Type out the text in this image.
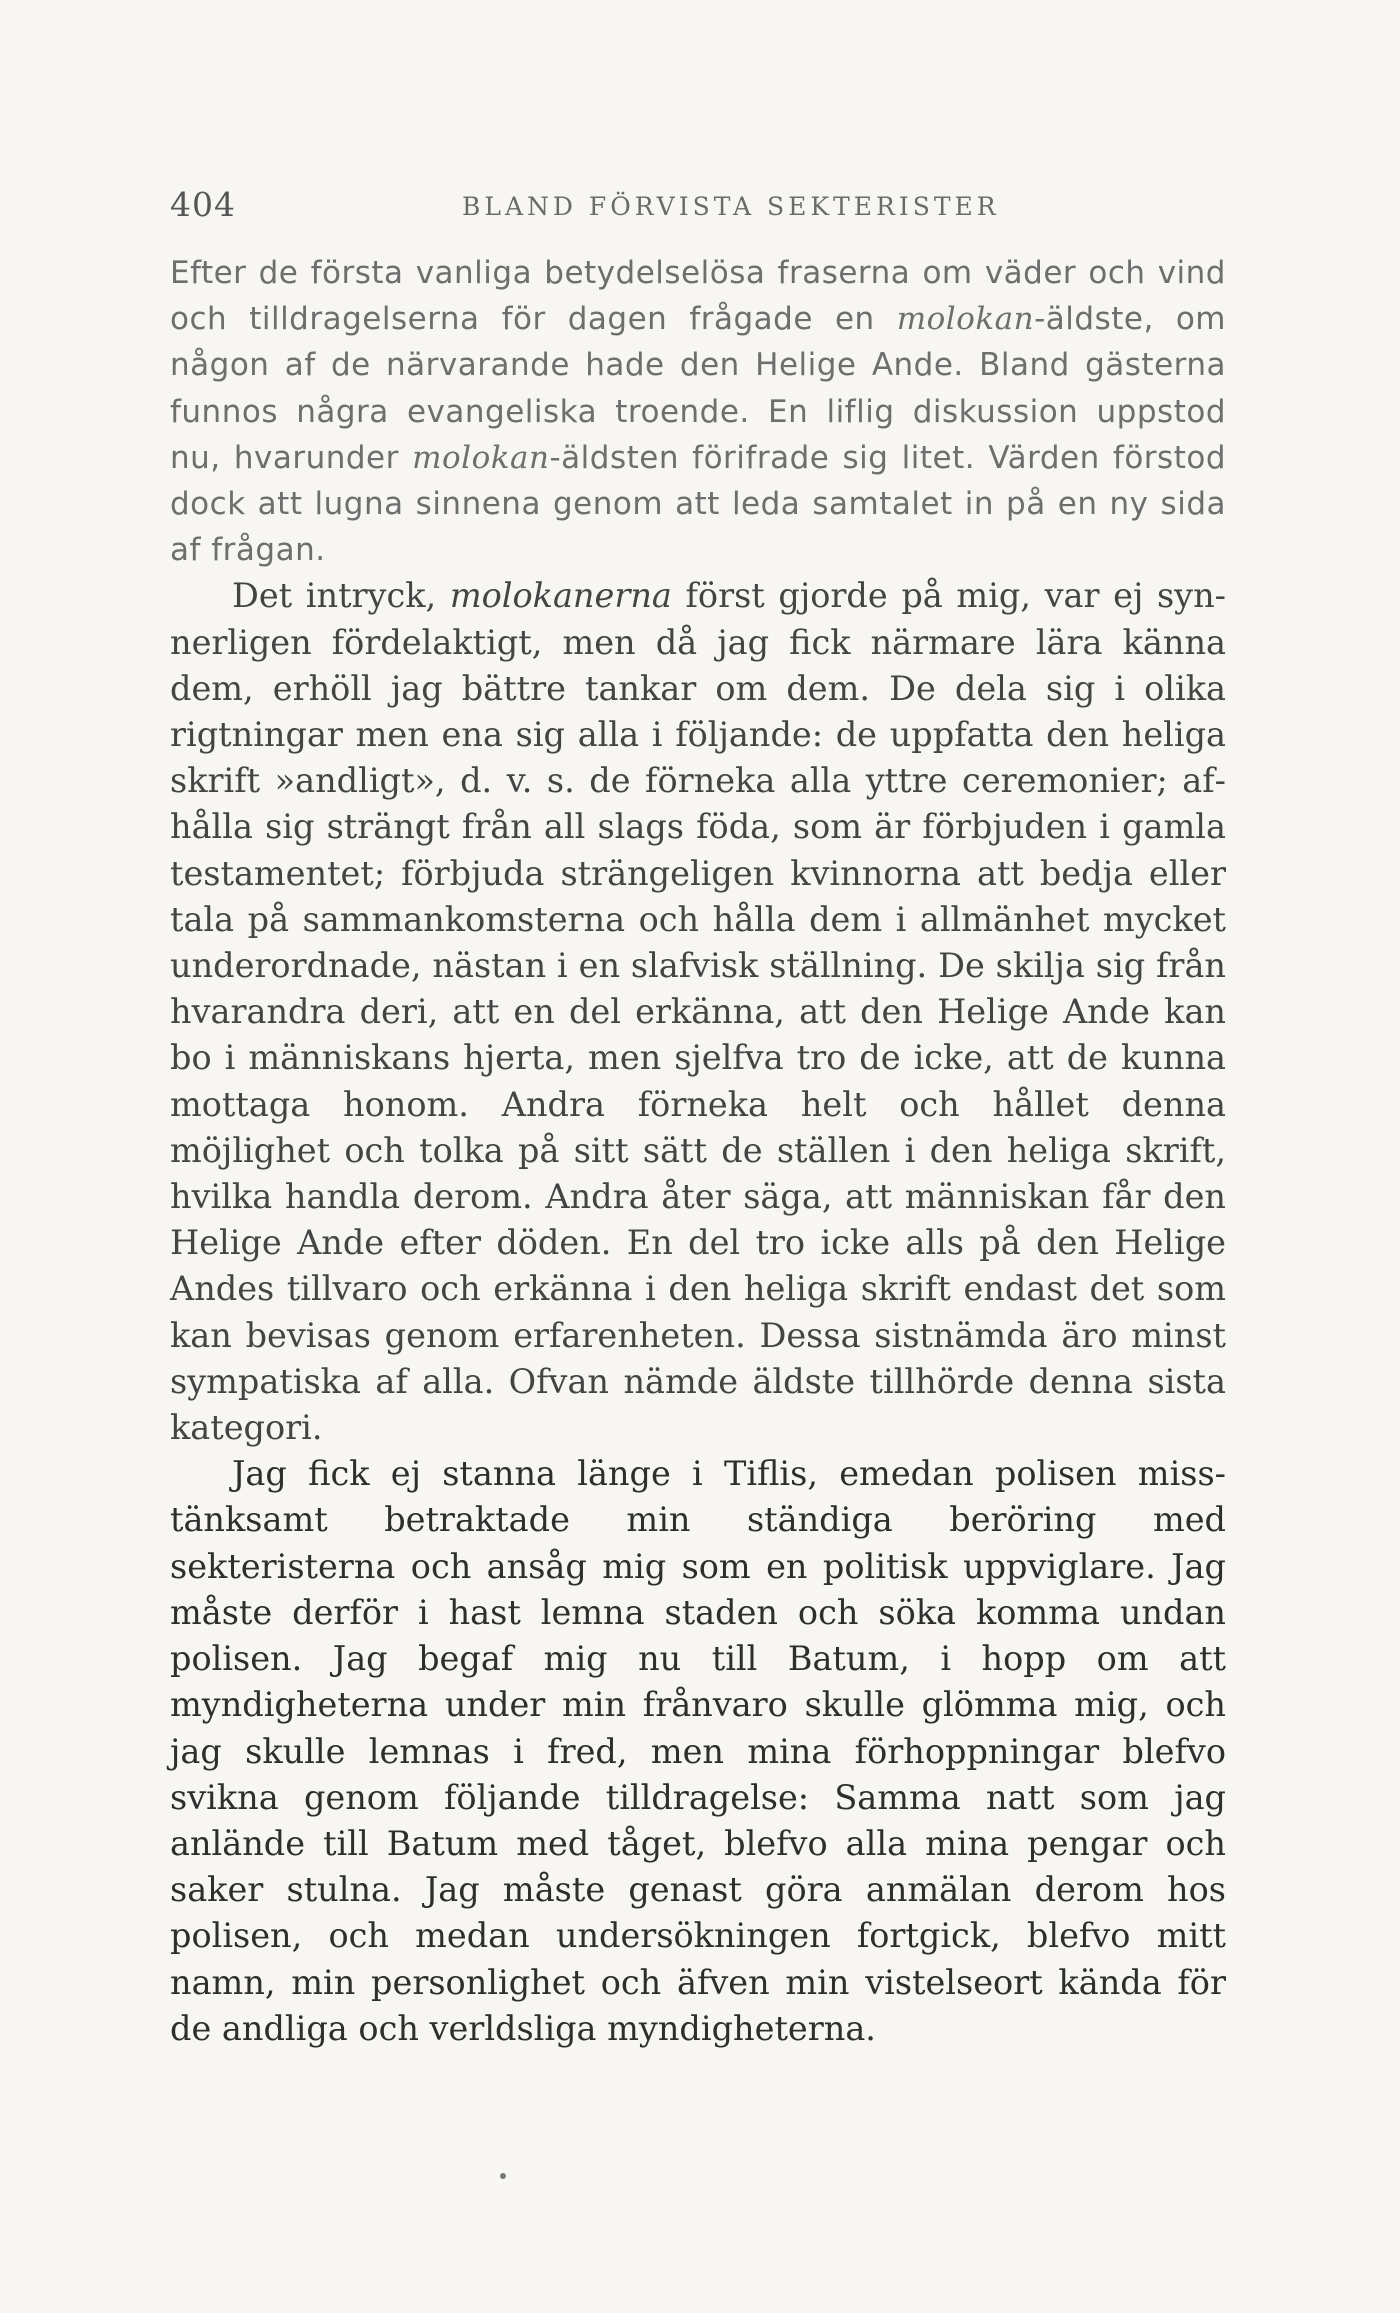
404	BLAND FÖRVISTA SEKTERISTER

Efter de första vanliga betydelselösa fraserna om väder och vind och tilldragelserna för dagen frågade en molokan-äldste, om någon af de närvarande hade den Helige Ande. Bland gästerna funnos några evangeliska troende. En liflig diskussion uppstod nu, hvarunder molokan-äldsten förifrade sig litet. Värden förstod dock att lugna sinnena genom att leda samtalet in på en ny sida af frågan.

Det intryck, molokanerna först gjorde på mig, var ej synnerligen fördelaktigt, men då jag fick närmare lära känna dem, erhöll jag bättre tankar om dem. De dela sig i olika rigtningar men ena sig alla i följande: de uppfatta den heliga skrift »andligt», d. v. s. de förneka alla yttre ceremonier; afhålla sig strängt från all slags föda, som är förbjuden i gamla testamentet; förbjuda strängeligen kvinnorna att bedja eller tala på sammankomsterna och hålla dem i allmänhet mycket underordnade, nästan i en slafvisk ställning. De skilja sig från hvarandra deri, att en del erkänna, att den Helige Ande kan bo i människans hjerta, men sjelfva tro de icke, att de kunna mottaga honom. Andra förneka helt och hållet denna möjlighet och tolka på sitt sätt de ställen i den heliga skrift, hvilka handla derom. Andra åter säga, att människan får den Helige Ande efter döden. En del tro icke alls på den Helige Andes tillvaro och erkänna i den heliga skrift endast det som kan bevisas genom erfarenheten. Dessa sistnämda äro minst sympatiska af alla. Ofvan nämde äldste tillhörde denna sista kategori.

Jag fick ej stanna länge i Tiflis, emedan polisen misstänksamt betraktade min ständiga beröring med sekteristerna och ansåg mig som en politisk uppviglare. Jag måste derför i hast lemna staden och söka komma undan polisen. Jag begaf mig nu till Batum, i hopp om att myndigheterna under min frånvaro skulle glömma mig, och jag skulle lemnas i fred, men mina förhoppningar blefvo svikna genom följande tilldragelse: Samma natt som jag anlände till Batum med tåget, blefvo alla mina pengar och saker stulna. Jag måste genast göra anmälan derom hos polisen, och medan undersökningen fortgick, blefvo mitt namn, min personlighet och äfven min vistelseort kända för de andliga och verldsliga myndigheterna.
